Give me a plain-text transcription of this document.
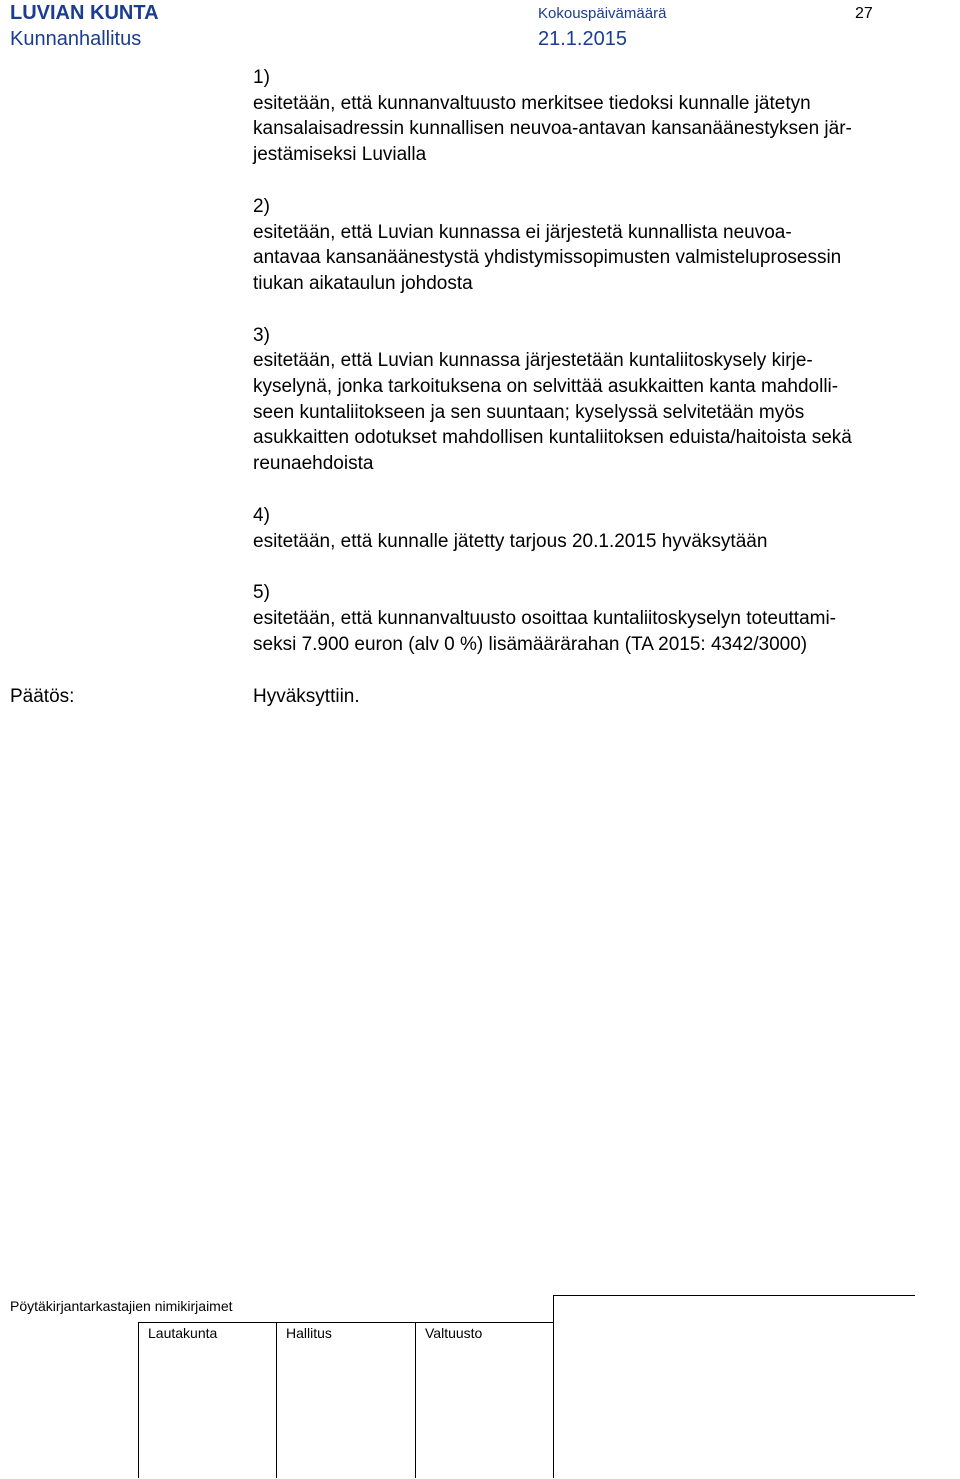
LUVIAN KUNTA
Kunnanhallitus
Kokouspäivämäärä
21.1.2015
27
1)
esitetään, että kunnanvaltuusto merkitsee tiedoksi kunnalle jätetyn
kansalaisadressin kunnallisen neuvoa-antavan kansanäänestyksen jär-
jestämiseksi Luvialla
2)
esitetään, että Luvian kunnassa ei järjestetä kunnallista neuvoa-
antavaa kansanäänestystä yhdistymissopimusten valmisteluprosessin
tiukan aikataulun johdosta
3)
esitetään, että Luvian kunnassa järjestetään kuntaliitoskysely kirje-
kyselynä, jonka tarkoituksena on selvittää asukkaitten kanta mahdolli-
seen kuntaliitokseen ja sen suuntaan; kyselyssä selvitetään myös
asukkaitten odotukset mahdollisen kuntaliitoksen eduista/haitoista sekä
reunaehdoista
4)
esitetään, että kunnalle jätetty tarjous 20.1.2015 hyväksytään
5)
esitetään, että kunnanvaltuusto osoittaa kuntaliitoskyselyn toteuttami-
seksi 7.900 euron (alv 0 %) lisämäärärahan (TA 2015: 4342/3000)
Päätös:	Hyväksyttiin.
Pöytäkirjantarkastajien nimikirjaimet
Lautakunta	Hallitus	Valtuusto
